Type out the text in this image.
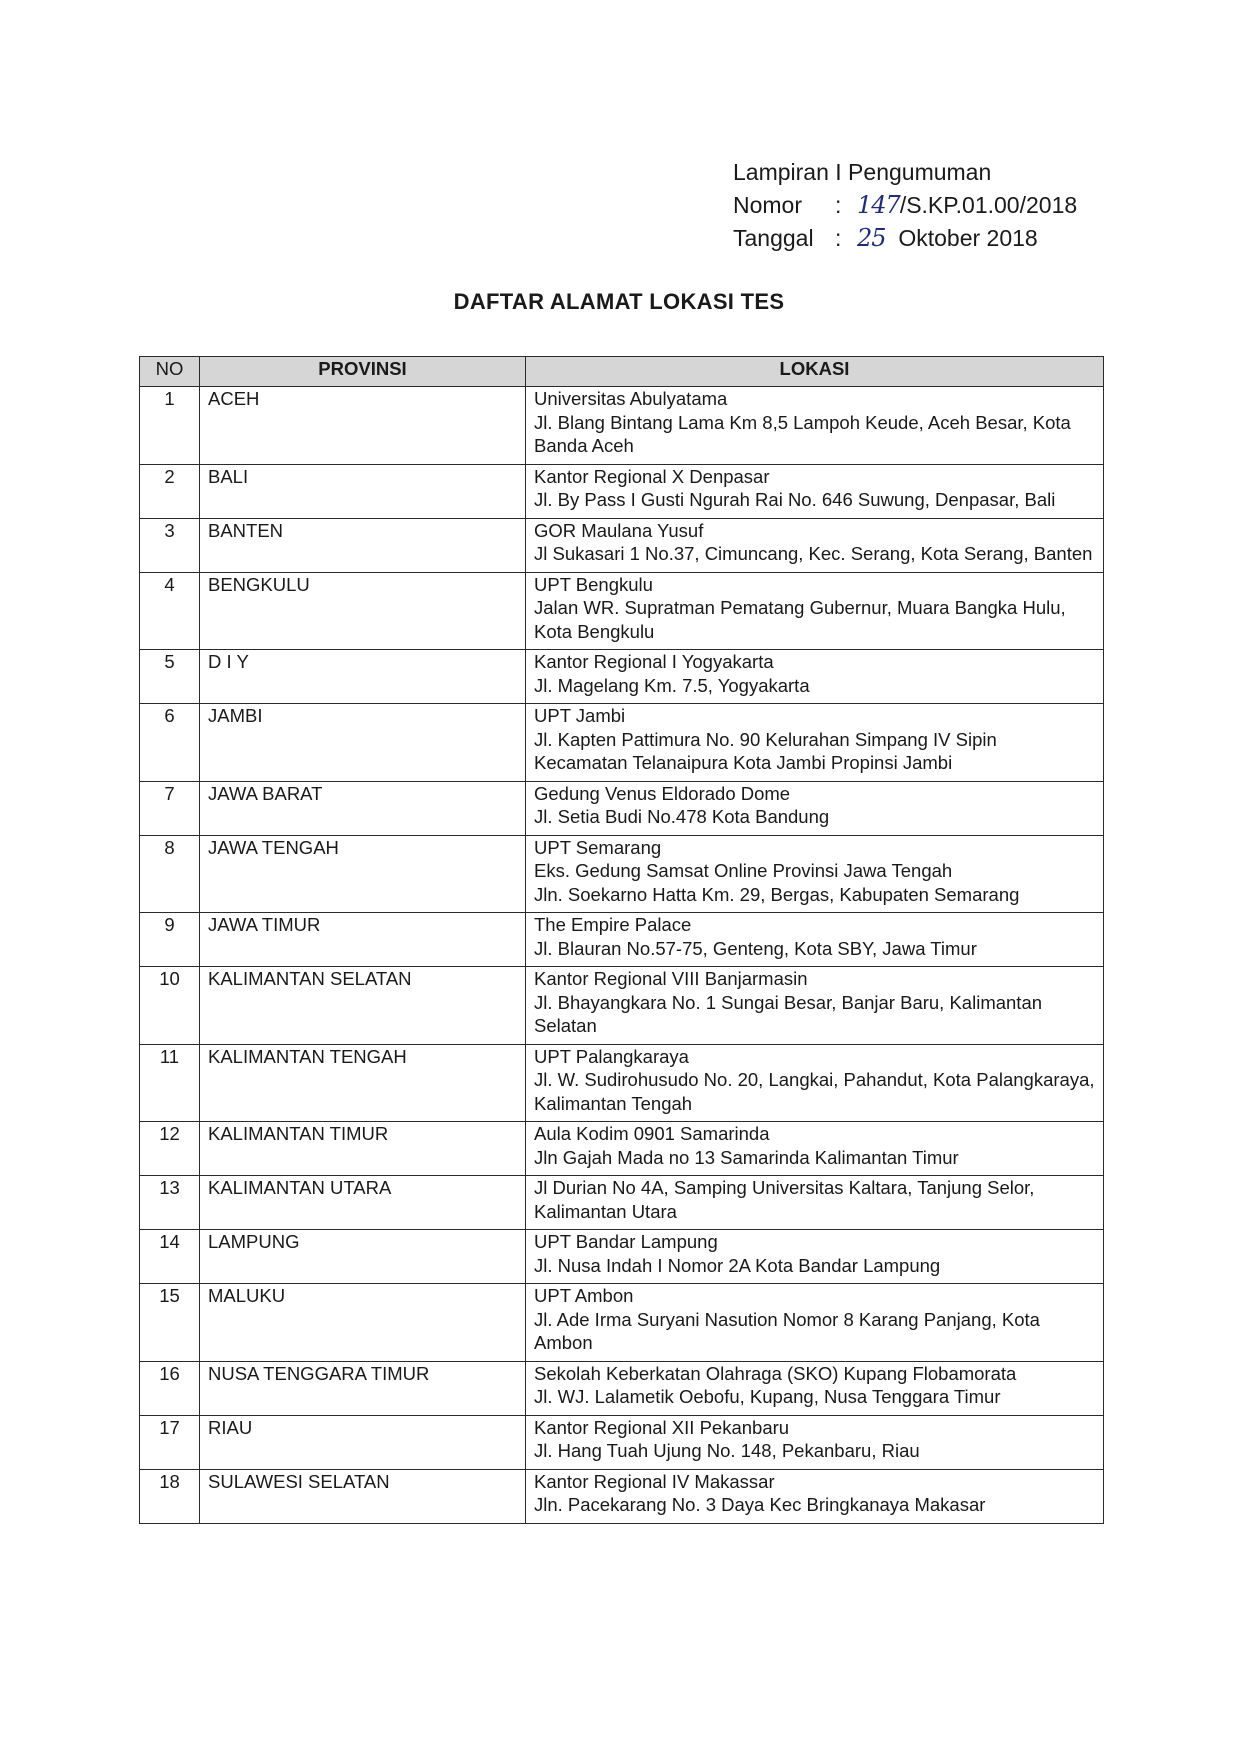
Lampiran I Pengumuman
Nomor : 147/S.KP.01.00/2018
Tanggal : 25 Oktober 2018
DAFTAR ALAMAT LOKASI TES
NO	PROVINSI	LOKASI
1	ACEH	Universitas Abulyatama
Jl. Blang Bintang Lama Km 8,5 Lampoh Keude, Aceh Besar, Kota Banda Aceh

2	BALI	Kantor Regional X Denpasar
Jl. By Pass I Gusti Ngurah Rai No. 646 Suwung, Denpasar, Bali

3	BANTEN	GOR Maulana Yusuf
Jl Sukasari 1 No.37, Cimuncang, Kec. Serang, Kota Serang, Banten

4	BENGKULU	UPT Bengkulu
Jalan WR. Supratman Pematang Gubernur, Muara Bangka Hulu, Kota Bengkulu

5	D I Y	Kantor Regional I Yogyakarta
Jl. Magelang Km. 7.5, Yogyakarta

6	JAMBI	UPT Jambi
Jl. Kapten Pattimura No. 90 Kelurahan Simpang IV Sipin Kecamatan Telanaipura Kota Jambi Propinsi Jambi

7	JAWA BARAT	Gedung Venus Eldorado Dome
Jl. Setia Budi No.478 Kota Bandung

8	JAWA TENGAH	UPT Semarang
Eks. Gedung Samsat Online Provinsi Jawa Tengah
Jln. Soekarno Hatta Km. 29, Bergas, Kabupaten Semarang

9	JAWA TIMUR	The Empire Palace
Jl. Blauran No.57-75, Genteng, Kota SBY, Jawa Timur

10	KALIMANTAN SELATAN	Kantor Regional VIII Banjarmasin
Jl. Bhayangkara No. 1 Sungai Besar, Banjar Baru, Kalimantan Selatan

11	KALIMANTAN TENGAH	UPT Palangkaraya
Jl. W. Sudirohusudo No. 20, Langkai, Pahandut, Kota Palangkaraya, Kalimantan Tengah

12	KALIMANTAN TIMUR	Aula Kodim 0901 Samarinda
Jln Gajah Mada no 13 Samarinda Kalimantan Timur

13	KALIMANTAN UTARA	Jl Durian No 4A, Samping Universitas Kaltara, Tanjung Selor, Kalimantan Utara

14	LAMPUNG	UPT Bandar Lampung
Jl. Nusa Indah I Nomor 2A Kota Bandar Lampung

15	MALUKU	UPT Ambon
Jl. Ade Irma Suryani Nasution Nomor 8 Karang Panjang, Kota Ambon

16	NUSA TENGGARA TIMUR	Sekolah Keberkatan Olahraga (SKO) Kupang Flobamorata
Jl. WJ. Lalametik Oebofu, Kupang, Nusa Tenggara Timur

17	RIAU	Kantor Regional XII Pekanbaru
Jl. Hang Tuah Ujung No. 148, Pekanbaru, Riau

18	SULAWESI SELATAN	Kantor Regional IV Makassar
Jln. Pacekarang No. 3 Daya Kec Bringkanaya Makasar
